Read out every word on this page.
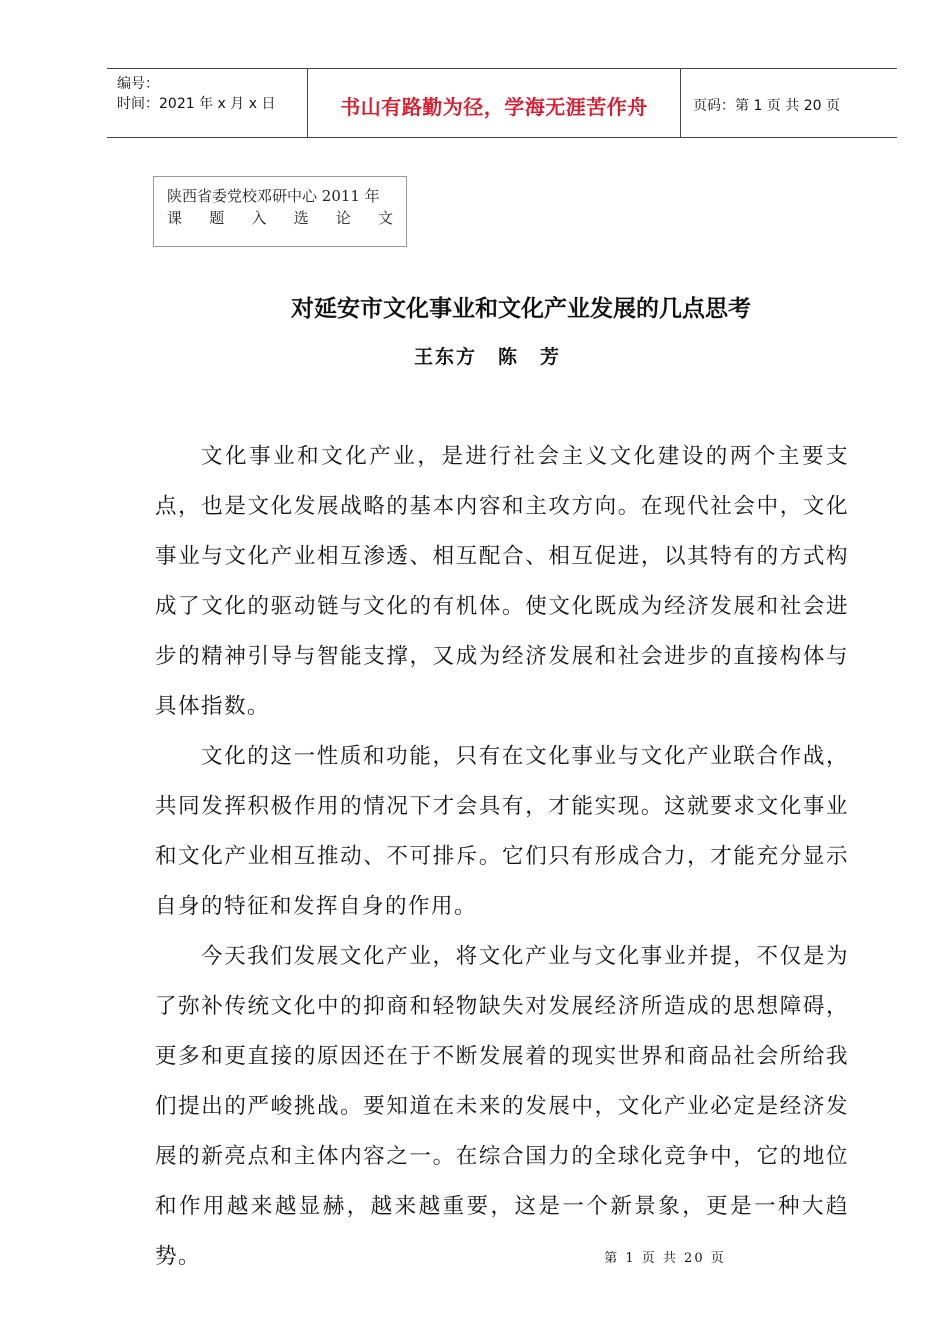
编号：
时间：2021 年 x 月 x 日	书山有路勤为径，学海无涯苦作舟	页码：第 1 页 共 20 页
陕西省委党校邓研中心 2011 年
课 题 入 选 论 文
对延安市文化事业和文化产业发展的几点思考
王东方　陈　芳

文化事业和文化产业，是进行社会主义文化建设的两个主要支点，也是文化发展战略的基本内容和主攻方向。在现代社会中，文化事业与文化产业相互渗透、相互配合、相互促进，以其特有的方式构成了文化的驱动链与文化的有机体。使文化既成为经济发展和社会进步的精神引导与智能支撑，又成为经济发展和社会进步的直接构体与具体指数。

文化的这一性质和功能，只有在文化事业与文化产业联合作战，共同发挥积极作用的情况下才会具有，才能实现。这就要求文化事业和文化产业相互推动、不可排斥。它们只有形成合力，才能充分显示自身的特征和发挥自身的作用。

今天我们发展文化产业，将文化产业与文化事业并提，不仅是为了弥补传统文化中的抑商和轻物缺失对发展经济所造成的思想障碍，更多和更直接的原因还在于不断发展着的现实世界和商品社会所给我们提出的严峻挑战。要知道在未来的发展中，文化产业必定是经济发展的新亮点和主体内容之一。在综合国力的全球化竞争中，它的地位和作用越来越显赫，越来越重要，这是一个新景象，更是一种大趋势。	第 1 页 共 20 页
